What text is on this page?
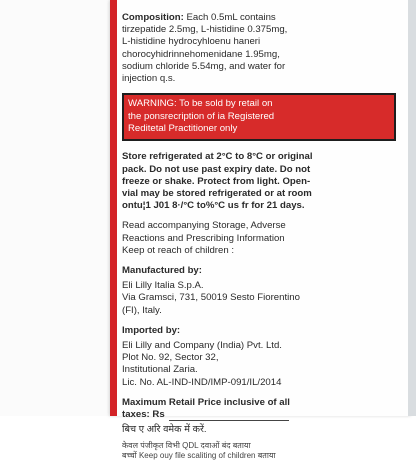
Composition: Each 0.5mL contains
tirzepatide 2.5mg, L-histidine 0.375mg,
L-histidine hydrocyhloenu haneri
chorocyhidrinnehomenidane 1.95mg,
sodium chloride 5.54mg, and water for
injection q.s.
WARNING: To be sold by retail on
the ponsrecription of ia Registered
Reditetal Practitioner only
Store refrigerated at 2°C to 8°C or original
pack. Do not use past expiry date. Do not
freeze or shake. Protect from light. Open-
vial may be stored refrigerated or at room
ontu¦1 J01 8·/°C to%°C us fr for 21 days.
Read accompanying Storage, Adverse
Reactions and Prescribing Information
Keep ot reach of children :
Manufactured by:
Eli Lilly Italia S.p.A.
Via Gramsci, 731, 50019 Sesto Fiorentino
(FI), Italy.
Imported by:
Eli Lilly and Company (India) Pvt. Ltd.
Plot No. 92, Sector 32,
Institutional Zaria.
Lic. No. AL-IND-IND/IMP-091/IL/2014
Maximum Retail Price inclusive of all
taxes: Rs
बिच ए अरि वमेक में करें.
केवल पंजीकृत विभी QDL दवाओं बंद बताया
बच्चों Keep ouy file scaliting of children बताया
